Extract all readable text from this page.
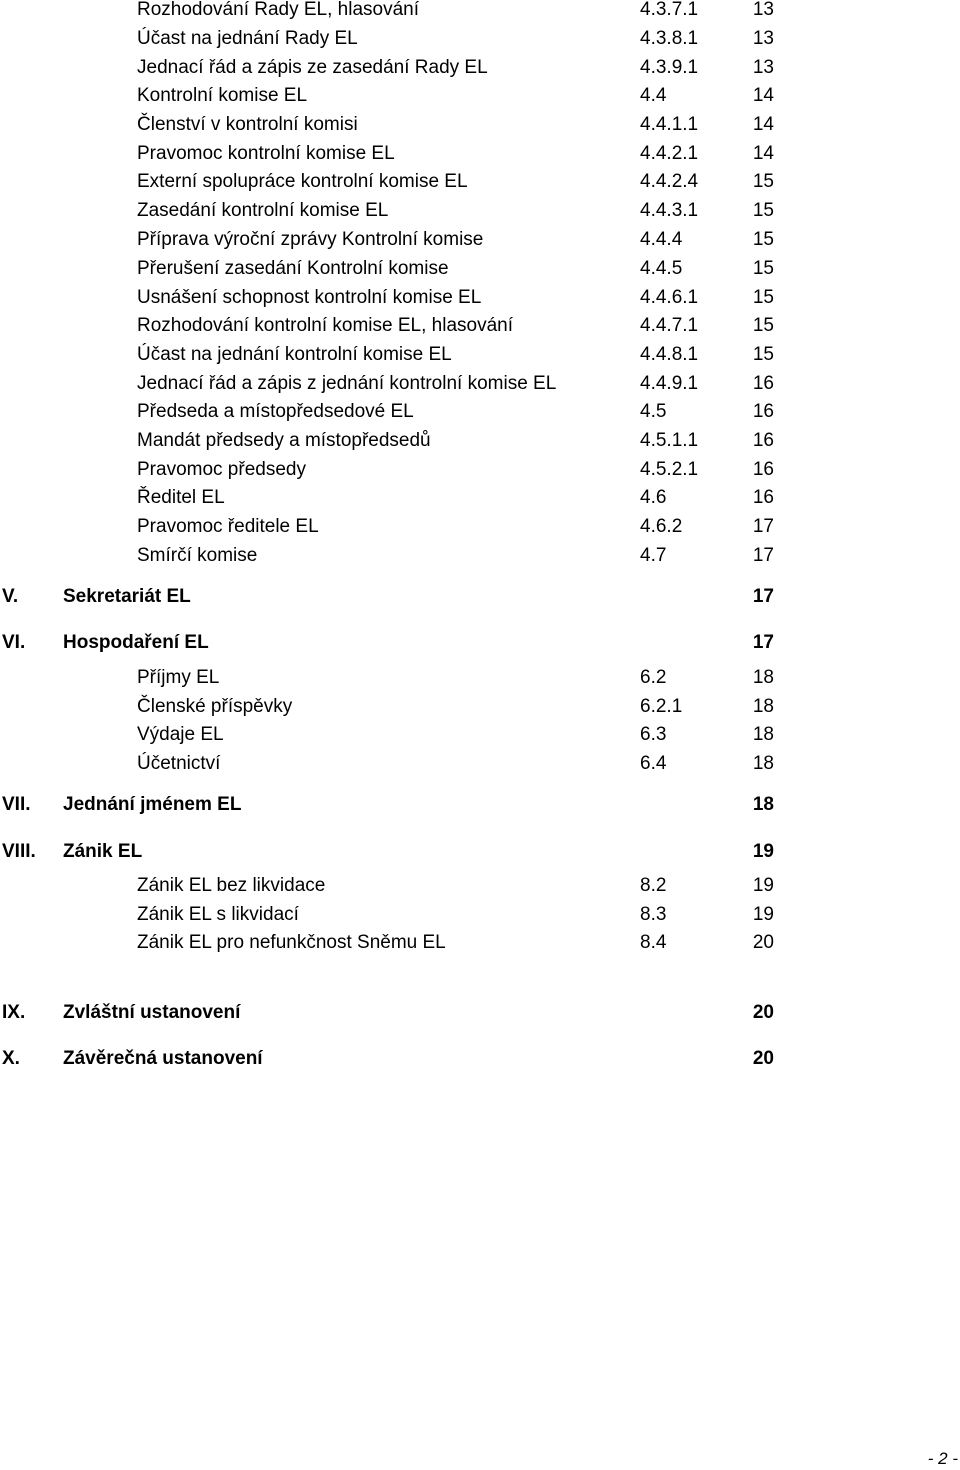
Rozhodování Rady EL, hlasování	4.3.7.1	13
Účast na jednání Rady EL	4.3.8.1	13
Jednací řád a zápis ze zasedání Rady EL	4.3.9.1	13
Kontrolní komise EL	4.4	14
Členství v kontrolní komisi	4.4.1.1	14
Pravomoc kontrolní komise EL	4.4.2.1	14
Externí spolupráce kontrolní komise EL	4.4.2.4	15
Zasedání kontrolní komise EL	4.4.3.1	15
Příprava výroční zprávy Kontrolní komise	4.4.4	15
Přerušení zasedání Kontrolní komise	4.4.5	15
Usnášení schopnost kontrolní komise EL	4.4.6.1	15
Rozhodování kontrolní komise EL, hlasování	4.4.7.1	15
Účast na jednání kontrolní komise EL	4.4.8.1	15
Jednací řád a zápis z jednání kontrolní komise EL	4.4.9.1	16
Předseda a místopředsedové EL	4.5	16
Mandát předsedy a místopředsedů	4.5.1.1	16
Pravomoc předsedy	4.5.2.1	16
Ředitel EL	4.6	16
Pravomoc ředitele EL	4.6.2	17
Smírčí komise	4.7	17
V. Sekretariát EL	17
VI. Hospodaření EL	17
Příjmy EL	6.2	18
Členské příspěvky	6.2.1	18
Výdaje EL	6.3	18
Účetnictví	6.4	18
VII. Jednání jménem EL	18
VIII. Zánik EL	19
Zánik EL bez likvidace	8.2	19
Zánik EL s likvidací	8.3	19
Zánik EL pro nefunkčnost Sněmu EL	8.4	20
IX. Zvláštní ustanovení	20
X. Závěrečná ustanovení	20
- 2 -
